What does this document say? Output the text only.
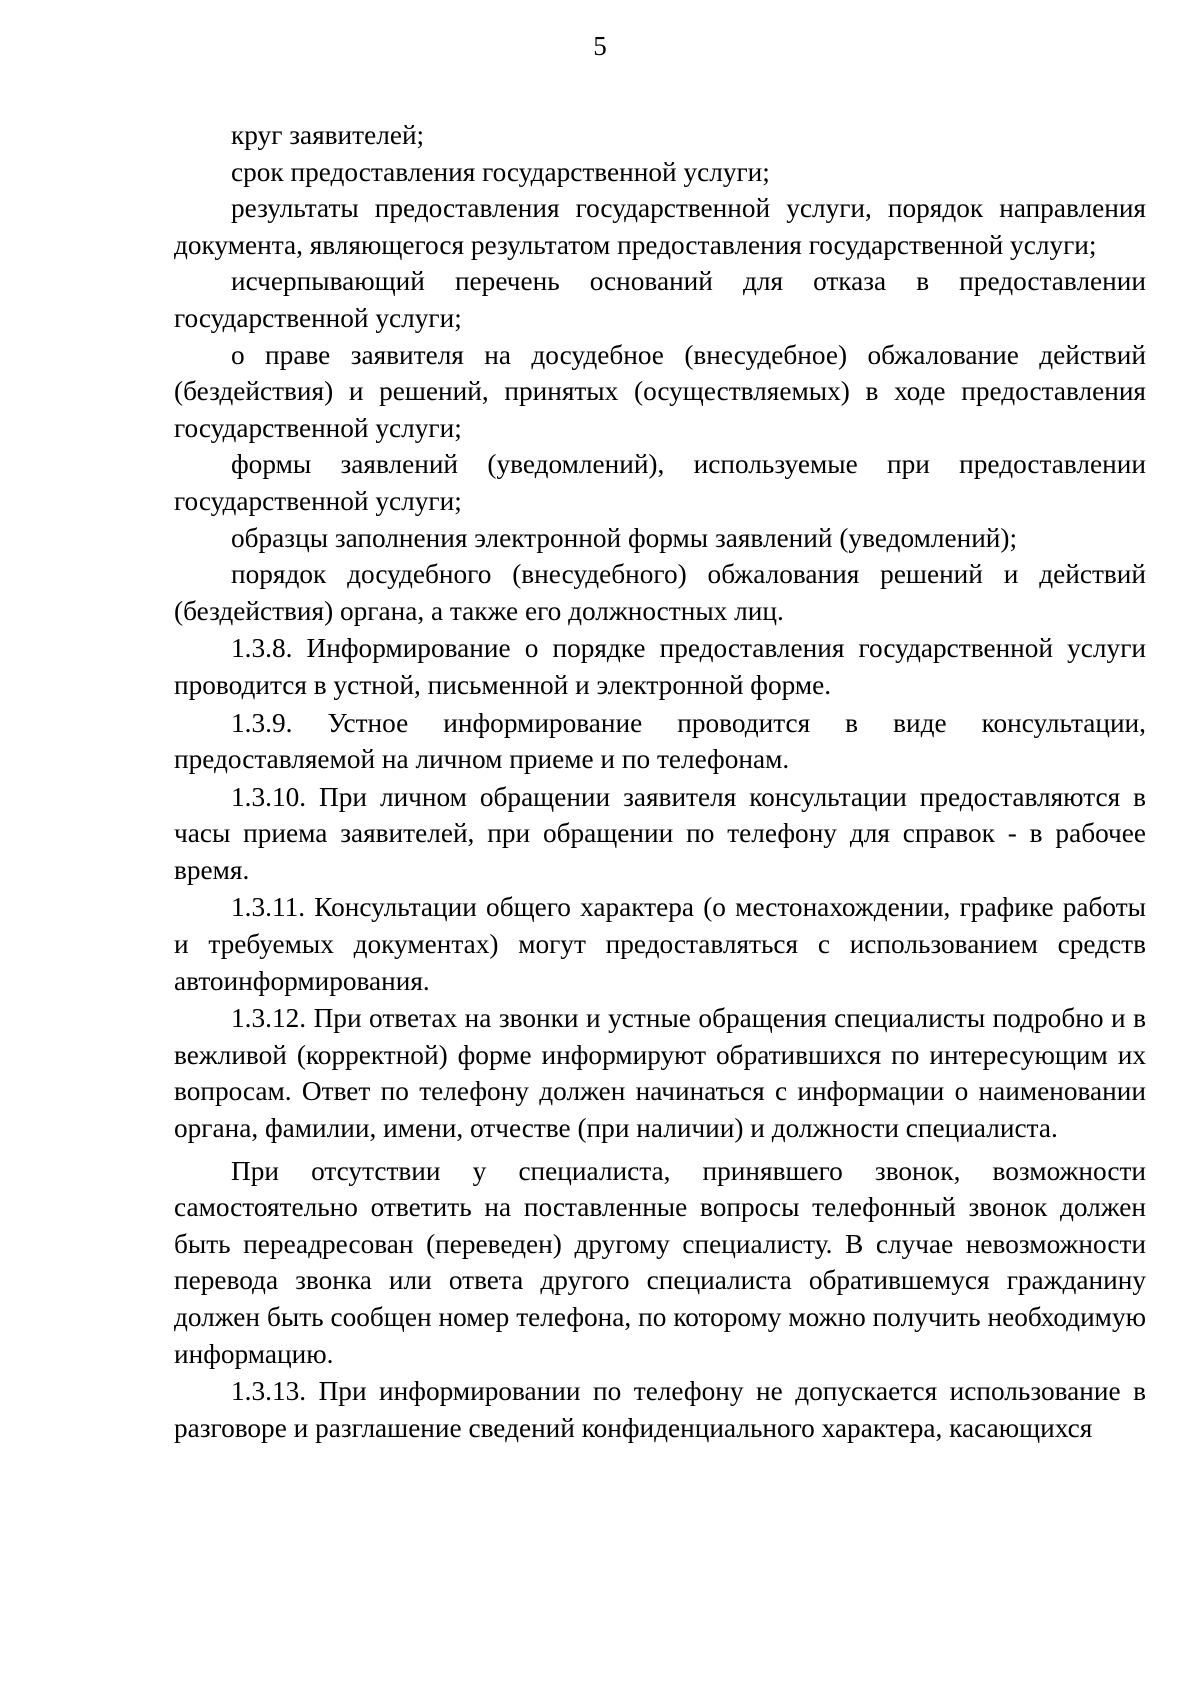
5

круг заявителей;

срок предоставления государственной услуги;

результаты предоставления государственной услуги, порядок направления документа, являющегося результатом предоставления государственной услуги;

исчерпывающий перечень оснований для отказа в предоставлении государственной услуги;

о праве заявителя на досудебное (внесудебное) обжалование действий (бездействия) и решений, принятых (осуществляемых) в ходе предоставления государственной услуги;

формы заявлений (уведомлений), используемые при предоставлении государственной услуги;

образцы заполнения электронной формы заявлений (уведомлений);

порядок досудебного (внесудебного) обжалования решений и действий (бездействия) органа, а также его должностных лиц.

1.3.8. Информирование о порядке предоставления государственной услуги проводится в устной, письменной и электронной форме.

1.3.9. Устное информирование проводится в виде консультации, предоставляемой на личном приеме и по телефонам.

1.3.10. При личном обращении заявителя консультации предоставляются в часы приема заявителей, при обращении по телефону для справок - в рабочее время.

1.3.11. Консультации общего характера (о местонахождении, графике работы и требуемых документах) могут предоставляться с использованием средств автоинформирования.

1.3.12. При ответах на звонки и устные обращения специалисты подробно и в вежливой (корректной) форме информируют обратившихся по интересующим их вопросам. Ответ по телефону должен начинаться с информации о наименовании органа, фамилии, имени, отчестве (при наличии) и должности специалиста.

При отсутствии у специалиста, принявшего звонок, возможности самостоятельно ответить на поставленные вопросы телефонный звонок должен быть переадресован (переведен) другому специалисту. В случае невозможности перевода звонка или ответа другого специалиста обратившемуся гражданину должен быть сообщен номер телефона, по которому можно получить необходимую информацию.

1.3.13. При информировании по телефону не допускается использование в разговоре и разглашение сведений конфиденциального характера, касающихся
